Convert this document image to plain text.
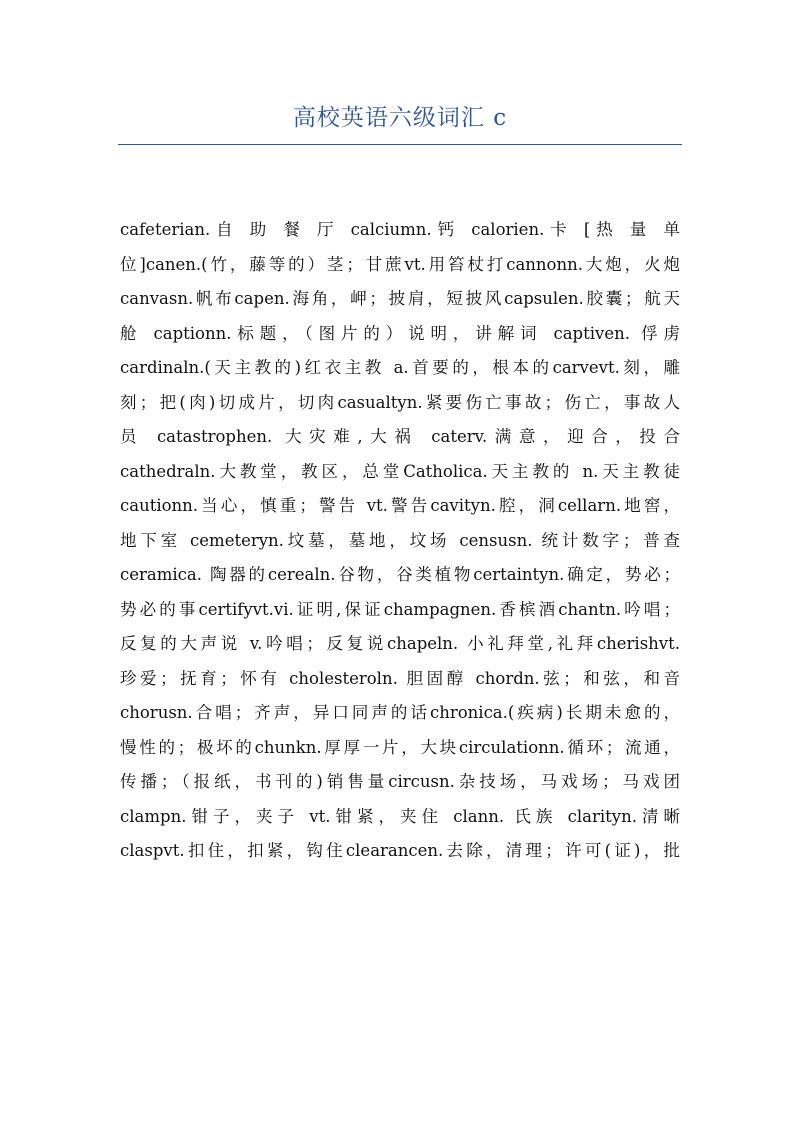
高校英语六级词汇 c
cafeterian.自 助 餐 厅 calciumn.钙 calorien.卡 [热 量 单
位]canen.(竹，藤等的）茎；甘蔗vt.用笞杖打cannonn.大炮，火炮
canvasn.帆布capen.海角，岬；披肩，短披风capsulen.胶囊；航天
舱 captionn.标题，（图片的）说明，讲解词 captiven. 俘虏
cardinaln.(天主教的)红衣主教 a.首要的，根本的carvevt.刻，雕
刻；把(肉)切成片，切肉casualtyn.紧要伤亡事故；伤亡，事故人
员 catastrophen. 大灾难,大祸 caterv.满意，迎合，投合
cathedraln.大教堂，教区，总堂Catholica.天主教的 n.天主教徒
cautionn.当心，慎重；警告 vt.警告cavityn.腔，洞cellarn.地窖，
地下室 cemeteryn.坟墓，墓地，坟场 censusn. 统计数字；普查
ceramica. 陶器的cerealn.谷物，谷类植物certaintyn.确定，势必；
势必的事certifyvt.vi.证明,保证champagnen.香槟酒chantn.吟唱；
反复的大声说 v.吟唱；反复说chapeln. 小礼拜堂,礼拜cherishvt.
珍爱；抚育；怀有 cholesteroln. 胆固醇 chordn.弦；和弦，和音
chorusn.合唱；齐声，异口同声的话chronica.(疾病)长期未愈的，
慢性的；极坏的chunkn.厚厚一片，大块circulationn.循环；流通，
传播；（报纸，书刊的)销售量circusn.杂技场，马戏场；马戏团
clampn.钳子，夹子 vt.钳紧，夹住 clann. 氏族 clarityn.清晰
claspvt.扣住，扣紧，钩住clearancen.去除，清理；许可(证)，批
